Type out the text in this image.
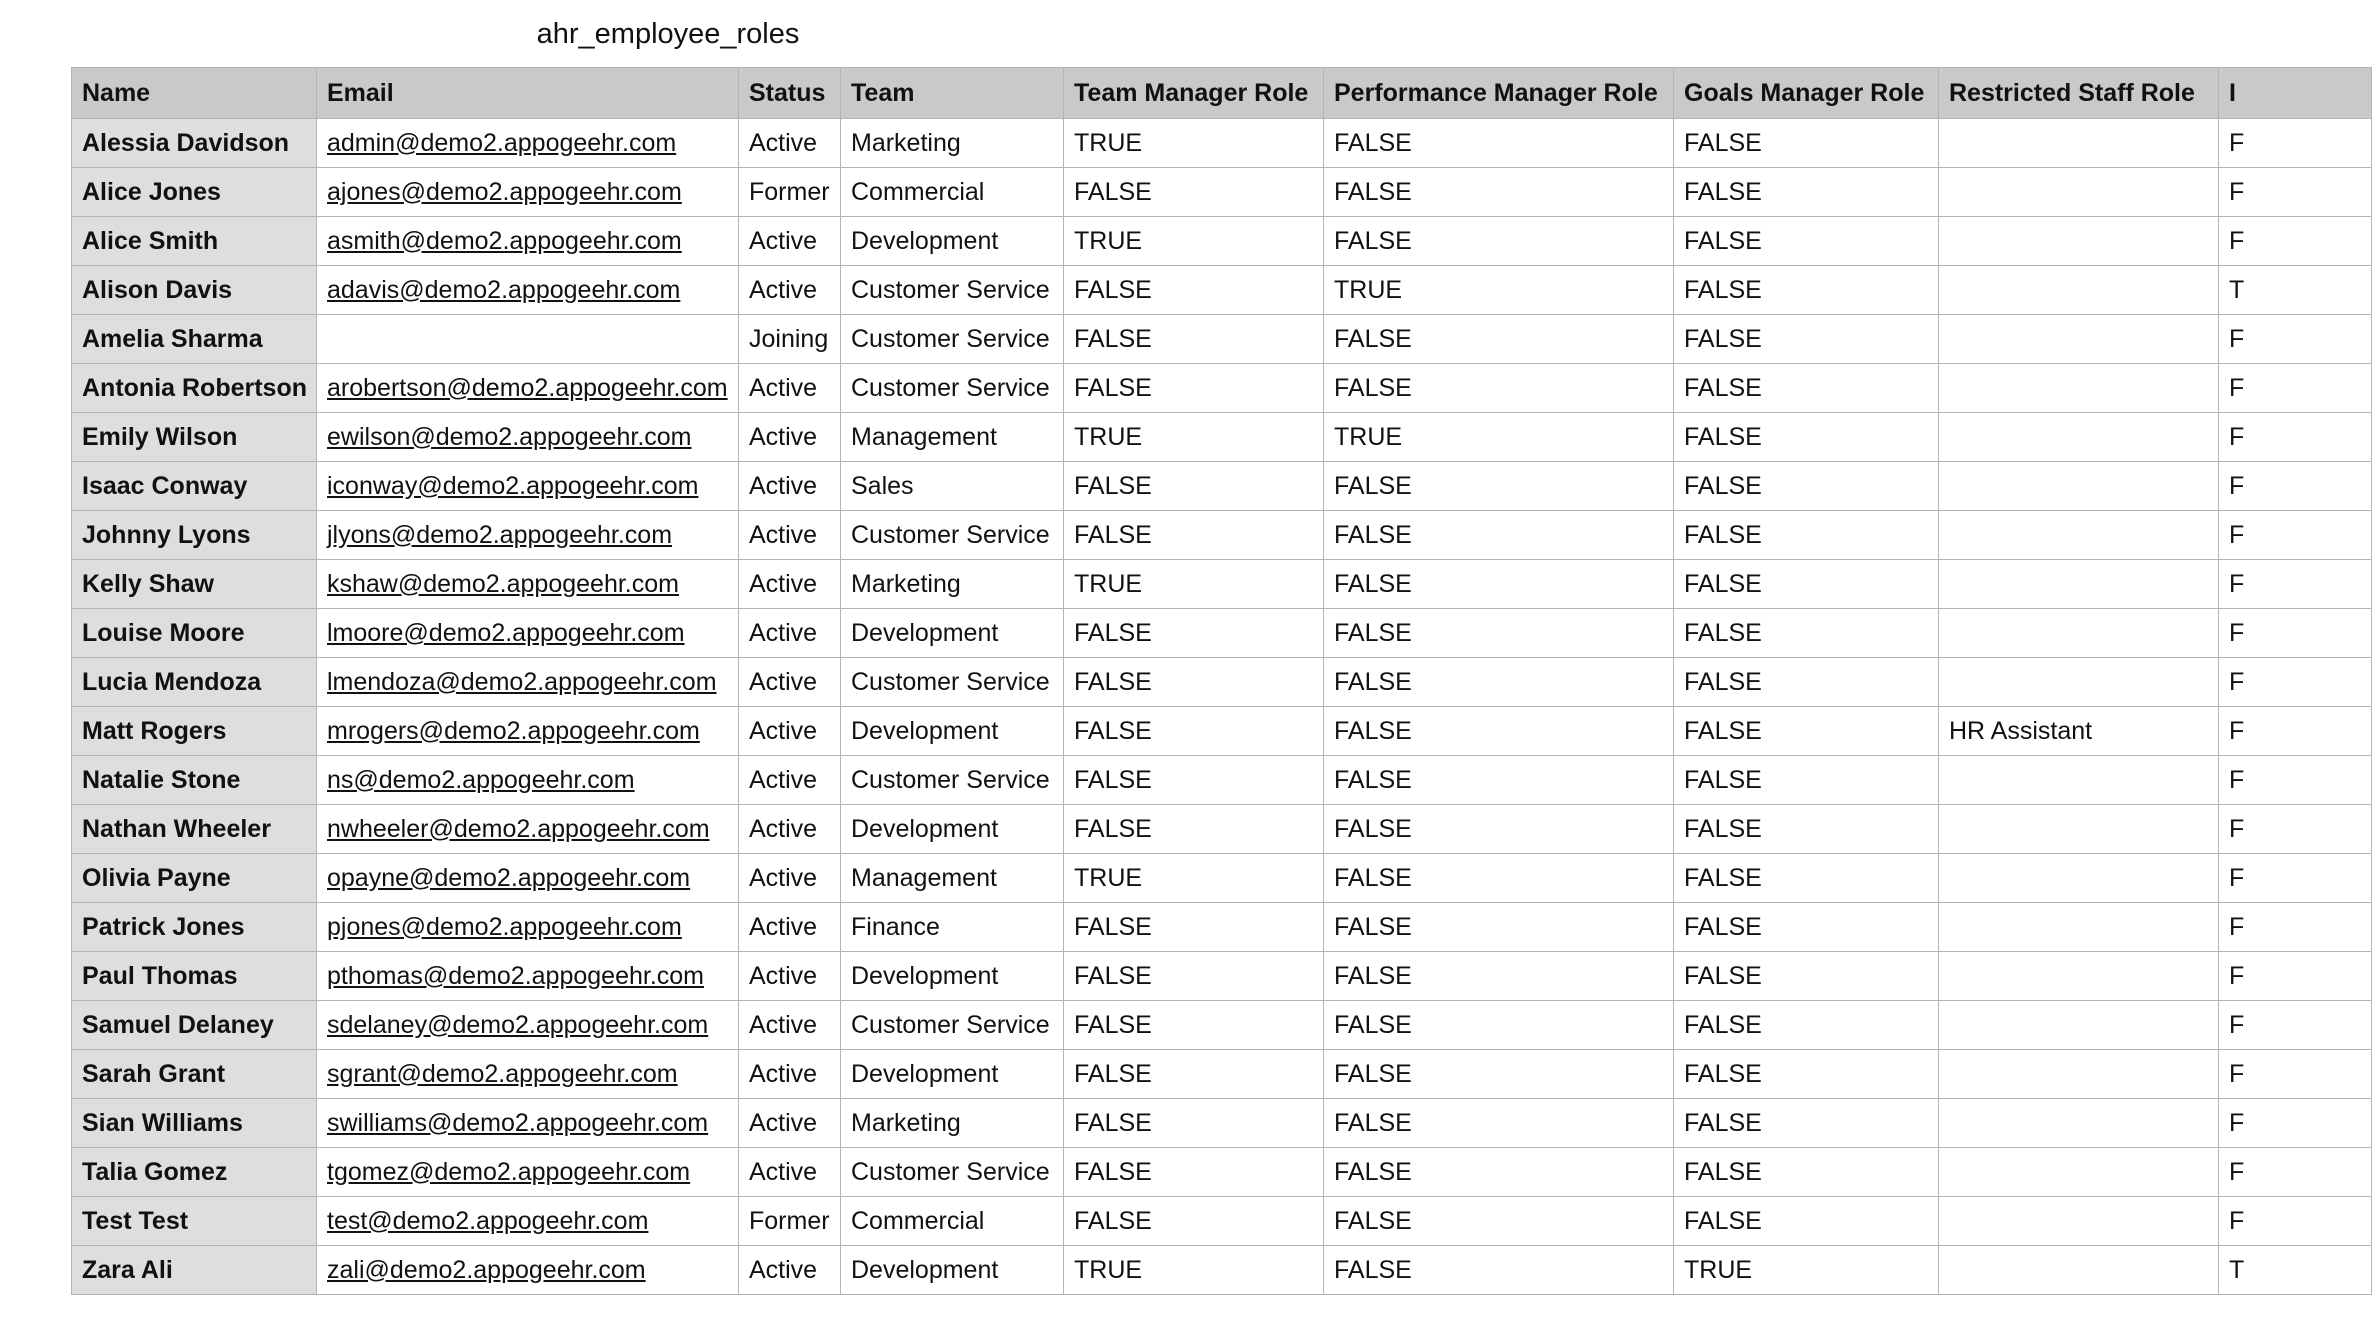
ahr_employee_roles
Name	Email	Status	Team	Team Manager Role	Performance Manager Role	Goals Manager Role	Restricted Staff Role	I
Alessia Davidson	admin@demo2.appogeehr.com	Active	Marketing	TRUE	FALSE	FALSE		F
Alice Jones	ajones@demo2.appogeehr.com	Former	Commercial	FALSE	FALSE	FALSE		F
Alice Smith	asmith@demo2.appogeehr.com	Active	Development	TRUE	FALSE	FALSE		F
Alison Davis	adavis@demo2.appogeehr.com	Active	Customer Service	FALSE	TRUE	FALSE		T
Amelia Sharma		Joining	Customer Service	FALSE	FALSE	FALSE		F
Antonia Robertson	arobertson@demo2.appogeehr.com	Active	Customer Service	FALSE	FALSE	FALSE		F
Emily Wilson	ewilson@demo2.appogeehr.com	Active	Management	TRUE	TRUE	FALSE		F
Isaac Conway	iconway@demo2.appogeehr.com	Active	Sales	FALSE	FALSE	FALSE		F
Johnny Lyons	jlyons@demo2.appogeehr.com	Active	Customer Service	FALSE	FALSE	FALSE		F
Kelly Shaw	kshaw@demo2.appogeehr.com	Active	Marketing	TRUE	FALSE	FALSE		F
Louise Moore	lmoore@demo2.appogeehr.com	Active	Development	FALSE	FALSE	FALSE		F
Lucia Mendoza	lmendoza@demo2.appogeehr.com	Active	Customer Service	FALSE	FALSE	FALSE		F
Matt Rogers	mrogers@demo2.appogeehr.com	Active	Development	FALSE	FALSE	FALSE	HR Assistant	F
Natalie Stone	ns@demo2.appogeehr.com	Active	Customer Service	FALSE	FALSE	FALSE		F
Nathan Wheeler	nwheeler@demo2.appogeehr.com	Active	Development	FALSE	FALSE	FALSE		F
Olivia Payne	opayne@demo2.appogeehr.com	Active	Management	TRUE	FALSE	FALSE		F
Patrick Jones	pjones@demo2.appogeehr.com	Active	Finance	FALSE	FALSE	FALSE		F
Paul Thomas	pthomas@demo2.appogeehr.com	Active	Development	FALSE	FALSE	FALSE		F
Samuel Delaney	sdelaney@demo2.appogeehr.com	Active	Customer Service	FALSE	FALSE	FALSE		F
Sarah Grant	sgrant@demo2.appogeehr.com	Active	Development	FALSE	FALSE	FALSE		F
Sian Williams	swilliams@demo2.appogeehr.com	Active	Marketing	FALSE	FALSE	FALSE		F
Talia Gomez	tgomez@demo2.appogeehr.com	Active	Customer Service	FALSE	FALSE	FALSE		F
Test Test	test@demo2.appogeehr.com	Former	Commercial	FALSE	FALSE	FALSE		F
Zara Ali	zali@demo2.appogeehr.com	Active	Development	TRUE	FALSE	TRUE		T
